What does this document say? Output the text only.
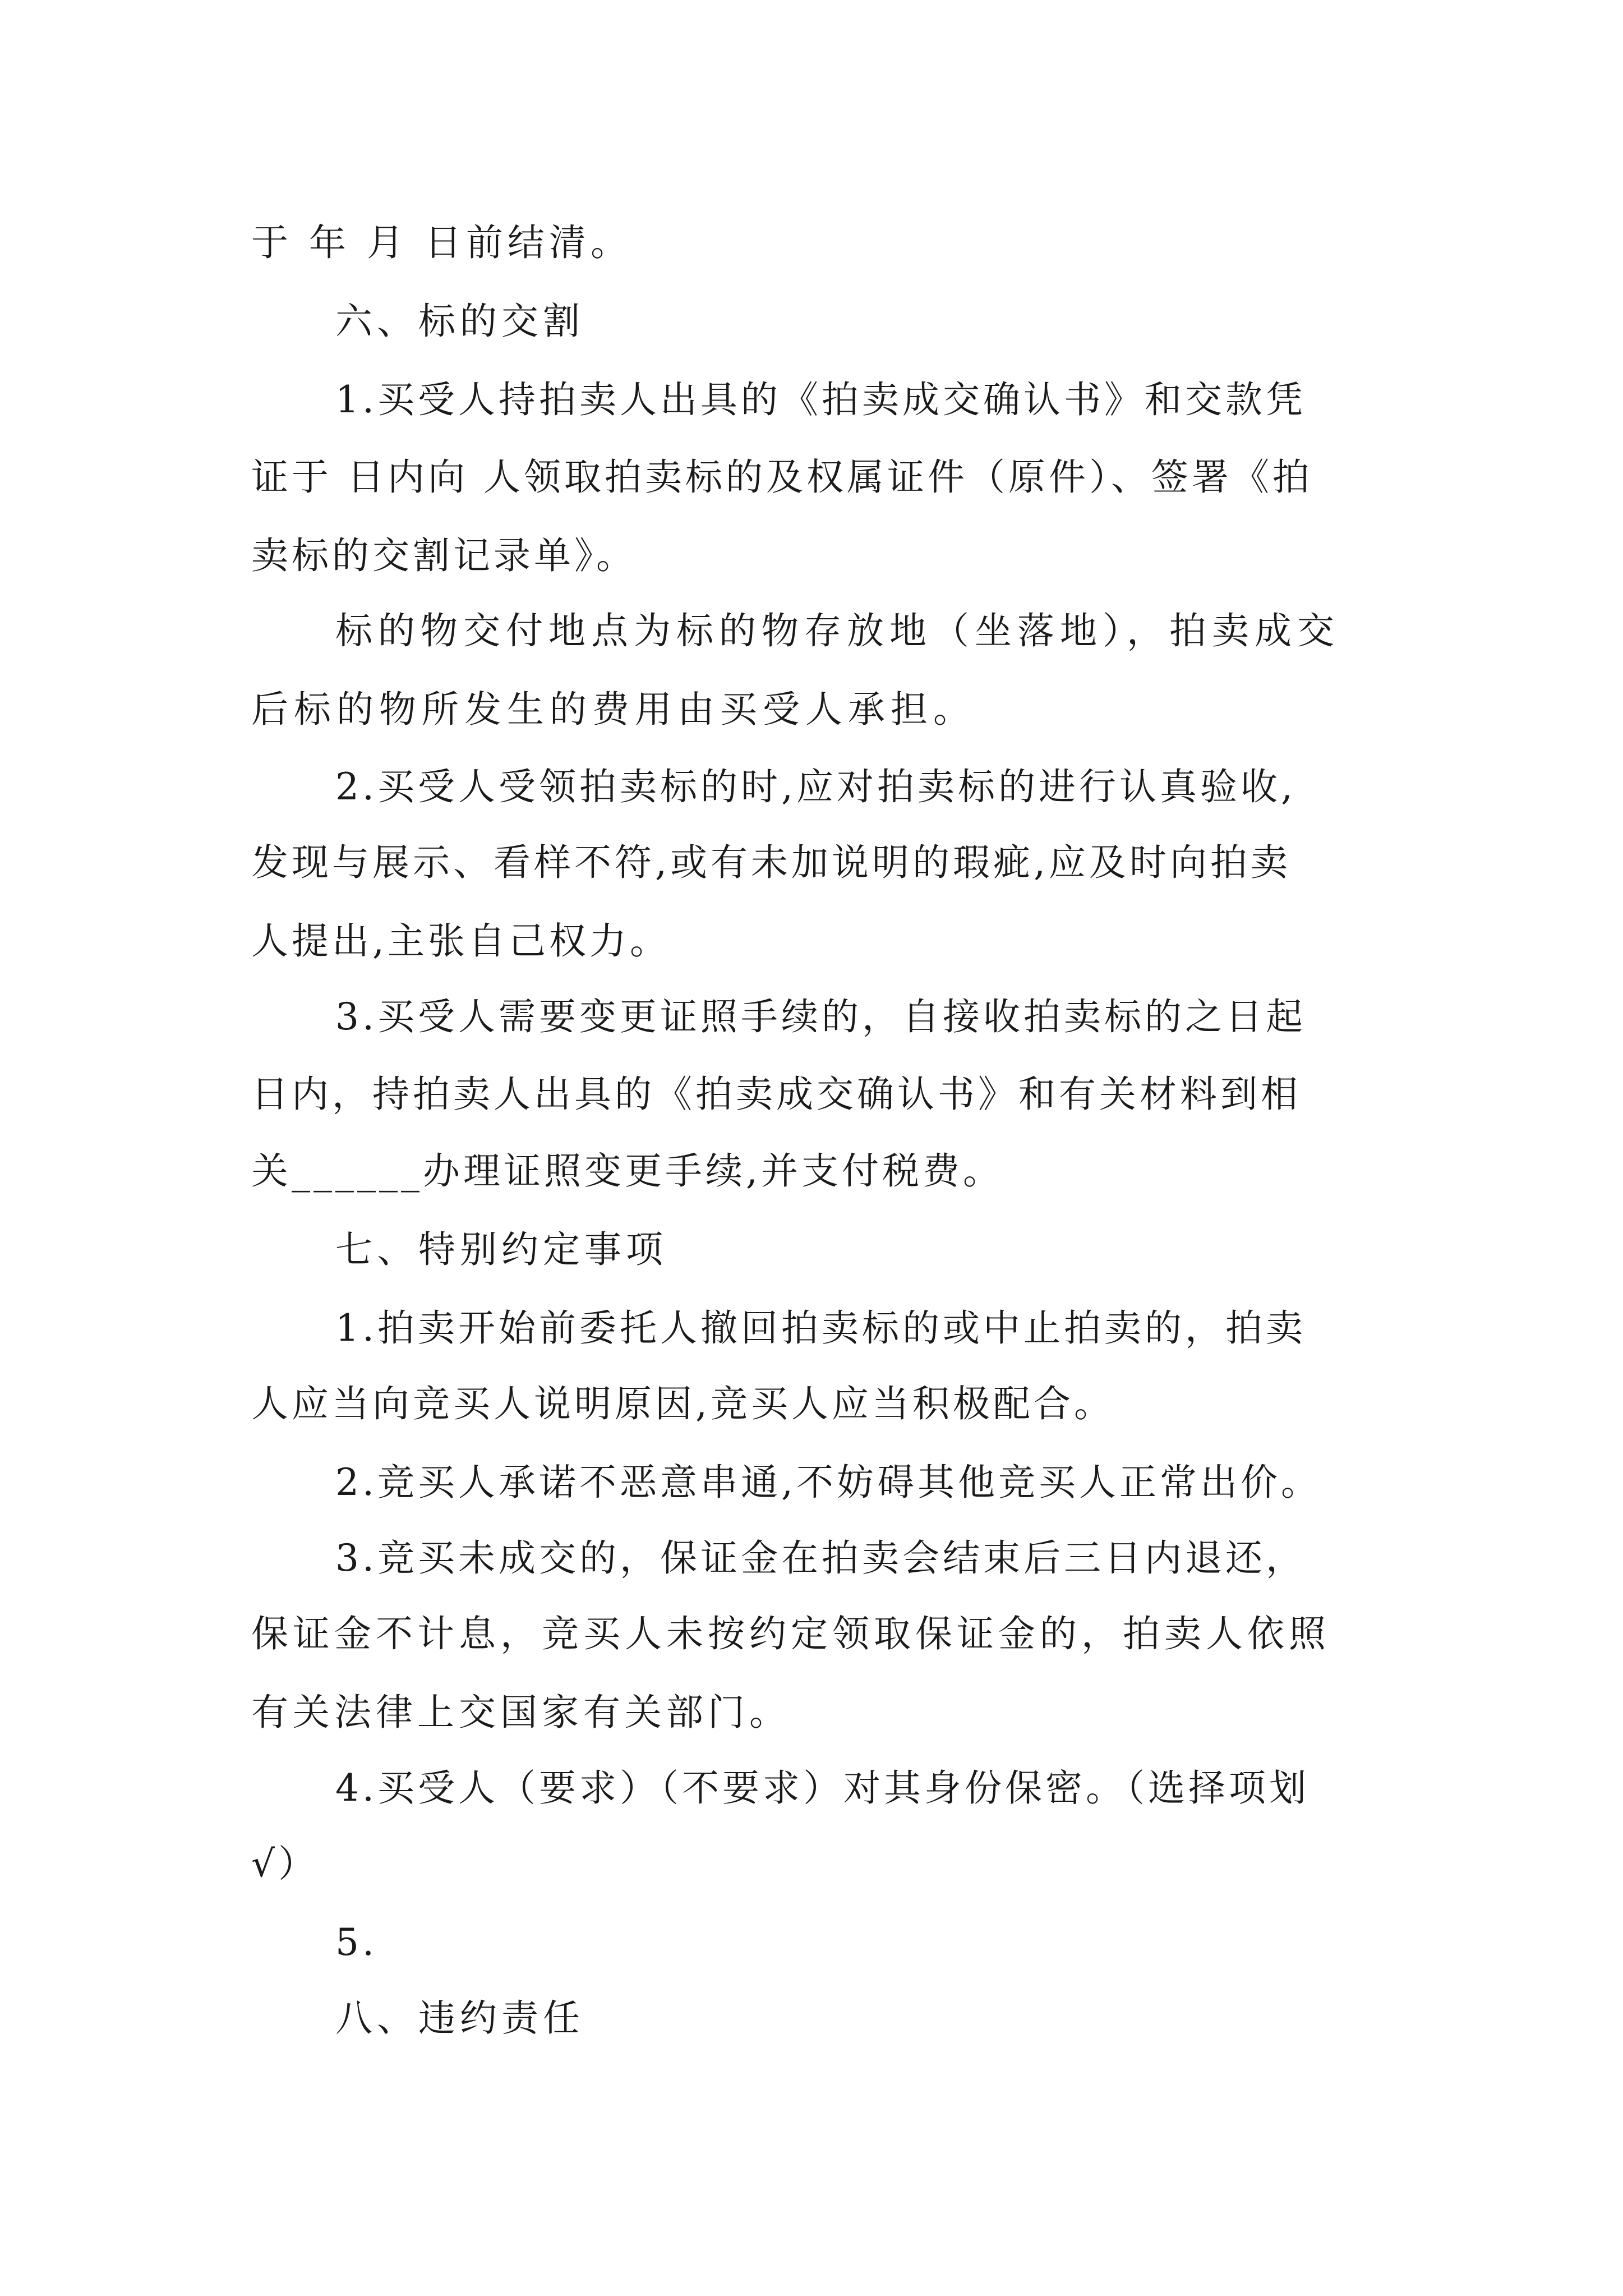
于 年 月 日前结清。
六、标的交割
1.买受人持拍卖人出具的《拍卖成交确认书》和交款凭
证于 日内向 人领取拍卖标的及权属证件（原件）、签署《拍
卖标的交割记录单》。
标的物交付地点为标的物存放地（坐落地），拍卖成交
后标的物所发生的费用由买受人承担。
2.买受人受领拍卖标的时,应对拍卖标的进行认真验收,
发现与展示、看样不符,或有未加说明的瑕疵,应及时向拍卖
人提出,主张自己权力。
3.买受人需要变更证照手续的，自接收拍卖标的之日起
日内，持拍卖人出具的《拍卖成交确认书》和有关材料到相
关______办理证照变更手续,并支付税费。
七、特别约定事项
1.拍卖开始前委托人撤回拍卖标的或中止拍卖的，拍卖
人应当向竞买人说明原因,竞买人应当积极配合。
2.竞买人承诺不恶意串通,不妨碍其他竞买人正常出价。
3.竞买未成交的，保证金在拍卖会结束后三日内退还，
保证金不计息，竞买人未按约定领取保证金的，拍卖人依照
有关法律上交国家有关部门。
4.买受人（要求）（不要求）对其身份保密。（选择项划
√）
5.
八、违约责任
